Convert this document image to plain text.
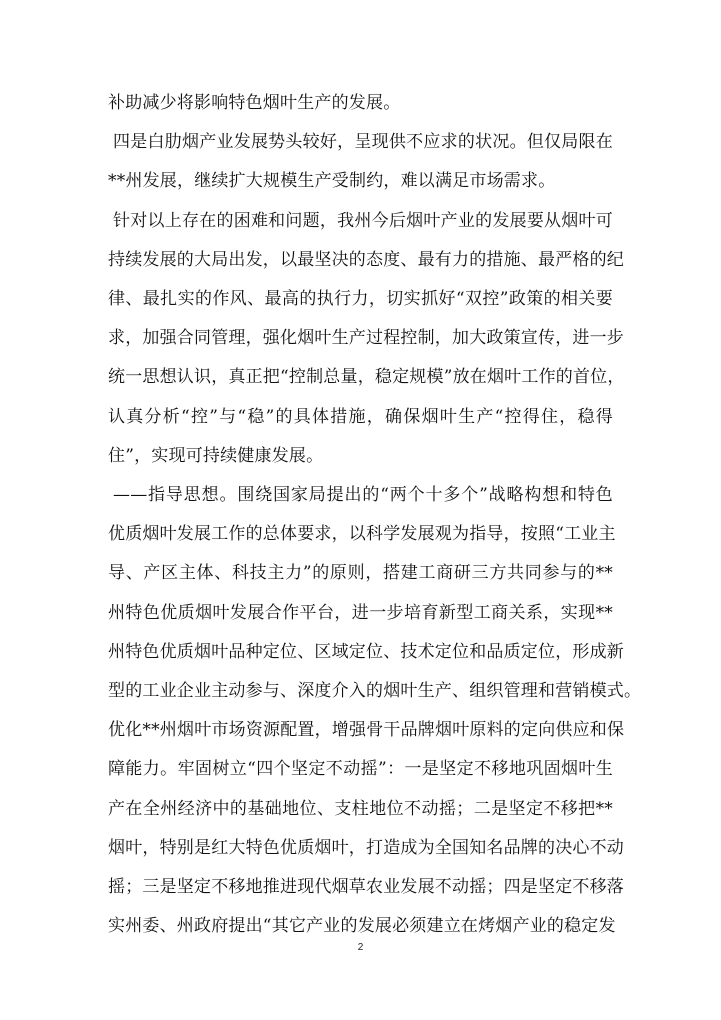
补助减少将影响特色烟叶生产的发展。
四是白肋烟产业发展势头较好，呈现供不应求的状况。但仅局限在
**州发展，继续扩大规模生产受制约，难以满足市场需求。
针对以上存在的困难和问题，我州今后烟叶产业的发展要从烟叶可
持续发展的大局出发，以最坚决的态度、最有力的措施、最严格的纪
律、最扎实的作风、最高的执行力，切实抓好“双控”政策的相关要
求，加强合同管理，强化烟叶生产过程控制，加大政策宣传，进一步
统一思想认识，真正把“控制总量，稳定规模”放在烟叶工作的首位，
认真分析“控”与“稳”的具体措施，确保烟叶生产“控得住，稳得
住”，实现可持续健康发展。
——指导思想。围绕国家局提出的“两个十多个”战略构想和特色
优质烟叶发展工作的总体要求，以科学发展观为指导，按照“工业主
导、产区主体、科技主力”的原则，搭建工商研三方共同参与的**
州特色优质烟叶发展合作平台，进一步培育新型工商关系，实现**
州特色优质烟叶品种定位、区域定位、技术定位和品质定位，形成新
型的工业企业主动参与、深度介入的烟叶生产、组织管理和营销模式。
优化**州烟叶市场资源配置，增强骨干品牌烟叶原料的定向供应和保
障能力。牢固树立“四个坚定不动摇”：一是坚定不移地巩固烟叶生
产在全州经济中的基础地位、支柱地位不动摇；二是坚定不移把**
烟叶，特别是红大特色优质烟叶，打造成为全国知名品牌的决心不动
摇；三是坚定不移地推进现代烟草农业发展不动摇；四是坚定不移落
2
实州委、州政府提出“其它产业的发展必须建立在烤烟产业的稳定发
